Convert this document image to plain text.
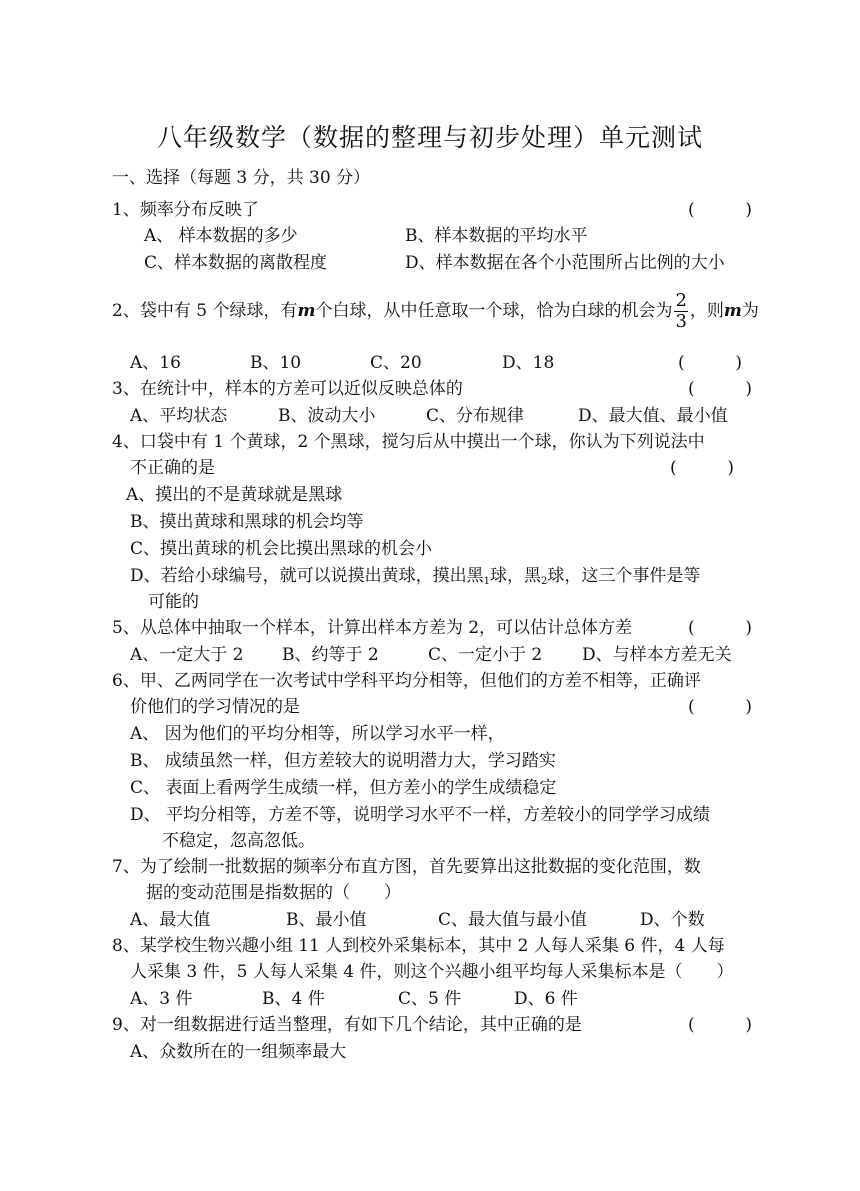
八年级数学（数据的整理与初步处理）单元测试
一、选择（每题 3 分，共 30 分）
1、频率分布反映了
A、 样本数据的多少	B、样本数据的平均水平
C、样本数据的离散程度	D、样本数据在各个小范围所占比例的大小
2、袋中有 5 个绿球，有m个白球，从中任意取一个球，恰为白球的机会为 $\frac{2}{3}$ ，则m为
A、16	B、10	C、20	D、18
3、在统计中，样本的方差可以近似反映总体的
A、平均状态	B、波动大小	C、分布规律	D、最大值、最小值
4、口袋中有 1 个黄球，2 个黑球，搅匀后从中摸出一个球，你认为下列说法中
不正确的是
A、摸出的不是黄球就是黑球
B、摸出黄球和黑球的机会均等
C、摸出黄球的机会比摸出黑球的机会小
D、若给小球编号，就可以说摸出黄球，摸出黑$_1$球，黑$_2$球，这三个事件是等
可能的
5、从总体中抽取一个样本，计算出样本方差为 2，可以估计总体方差
A、一定大于 2 B、约等于 2	C、一定小于 2 D、与样本方差无关
6、甲、乙两同学在一次考试中学科平均分相等，但他们的方差不相等，正确评
价他们的学习情况的是
A、 因为他们的平均分相等，所以学习水平一样，
B、 成绩虽然一样，但方差较大的说明潜力大，学习踏实
C、 表面上看两学生成绩一样，但方差小的学生成绩稳定
D、 平均分相等，方差不等，说明学习水平不一样，方差较小的同学学习成绩
不稳定，忽高忽低。
7、为了绘制一批数据的频率分布直方图，首先要算出这批数据的变化范围，数
据的变动范围是指数据的（　　）
A、最大值	B、最小值	C、最大值与最小值	D、个数
8、某学校生物兴趣小组 11 人到校外采集标本，其中 2 人每人采集 6 件，4 人每
人采集 3 件，5 人每人采集 4 件，则这个兴趣小组平均每人采集标本是（　　）
A、3 件	B、4 件	C、5 件	D、6 件
9、对一组数据进行适当整理，有如下几个结论，其中正确的是
A、众数所在的一组频率最大
